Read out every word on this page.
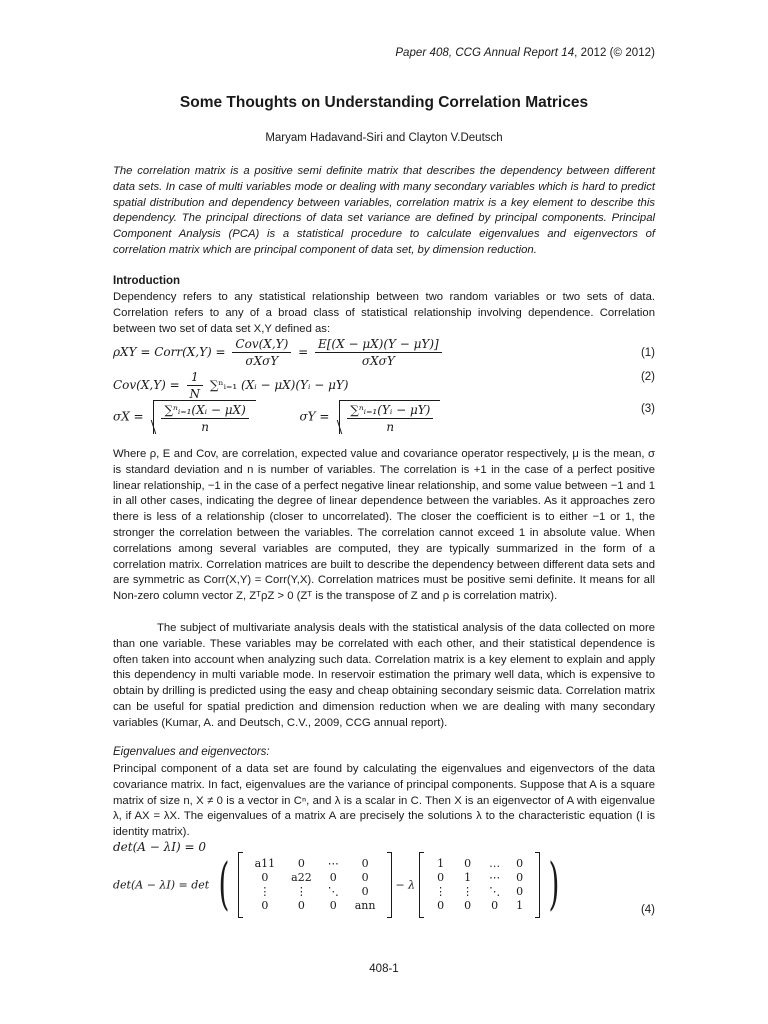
Paper 408, CCG Annual Report 14, 2012 (© 2012)
Some Thoughts on Understanding Correlation Matrices
Maryam Hadavand-Siri and Clayton V.Deutsch
The correlation matrix is a positive semi definite matrix that describes the dependency between different data sets. In case of multi variables mode or dealing with many secondary variables which is hard to predict spatial distribution and dependency between variables, correlation matrix is a key element to describe this dependency. The principal directions of data set variance are defined by principal components. Principal Component Analysis (PCA) is a statistical procedure to calculate eigenvalues and eigenvectors of correlation matrix which are principal component of data set, by dimension reduction.
Introduction
Dependency refers to any statistical relationship between two random variables or two sets of data. Correlation refers to any of a broad class of statistical relationship involving dependence. Correlation between two set of data set X,Y defined as:
ρXY = Corr(X,Y) = $\frac{\text{Cov(X,Y)}}{\text{σXσY}} = \frac{E[(X - \mu X)(Y - \mu Y)]}{\text{σXσY}}$	(1)
$Cov(X,Y) = \frac{1}{N}$ ∑ⁿᵢ₌₁ (Xᵢ − μX)(Yᵢ − μY)
(2)
$\sigma X = \frac{\text{∑ⁿᵢ₌₁(Xᵢ − μX)}}{n}$	$\sigma Y = \frac{\text{∑ⁿᵢ₌₁(Yᵢ − μY)}}{n}$	(3)
Where ρ, E and Cov, are correlation, expected value and covariance operator respectively, μ is the mean, σ is standard deviation and n is number of variables. The correlation is +1 in the case of a perfect positive linear relationship, −1 in the case of a perfect negative linear relationship, and some value between −1 and 1 in all other cases, indicating the degree of linear dependence between the variables. As it approaches zero there is less of a relationship (closer to uncorrelated). The closer the coefficient is to either −1 or 1, the stronger the correlation between the variables. The correlation cannot exceed 1 in absolute value. When correlations among several variables are computed, they are typically summarized in the form of a correlation matrix. Correlation matrices are built to describe the dependency between different data sets and are symmetric as Corr(X,Y) = Corr(Y,X). Correlation matrices must be positive semi definite. It means for all Non-zero column vector Z, ZᵀρZ > 0 (Zᵀ is the transpose of Z and ρ is correlation matrix).
The subject of multivariate analysis deals with the statistical analysis of the data collected on more than one variable. These variables may be correlated with each other, and their statistical dependence is often taken into account when analyzing such data. Correlation matrix is a key element to explain and apply this dependency in multi variable mode. In reservoir estimation the primary well data, which is expensive to obtain by drilling is predicted using the easy and cheap obtaining secondary seismic data. Correlation matrix can be useful for spatial prediction and dimension reduction when we are dealing with many secondary variables (Kumar, A. and Deutsch, C.V., 2009, CCG annual report).
Eigenvalues and eigenvectors:
Principal component of a data set are found by calculating the eigenvalues and eigenvectors of the data covariance matrix. In fact, eigenvalues are the variance of principal components. Suppose that A is a square matrix of size n, X ≠ 0 is a vector in Cⁿ, and λ is a scalar in C. Then X is an eigenvector of A with eigenvalue λ, if AX = λX. The eigenvalues of a matrix A are precisely the solutions λ to the characteristic equation (I is identity matrix).
det(A − λI) = 0
det(A − λI) = det ( a11	0	⋯	0
0	a22	0	0
⋮	⋮	⋱	0
0	0	0	ann  − λ  1	0	…	0
0	1	⋯	0
⋮	⋮	⋱	0
0	0	0	1 )	(4)
408-1
